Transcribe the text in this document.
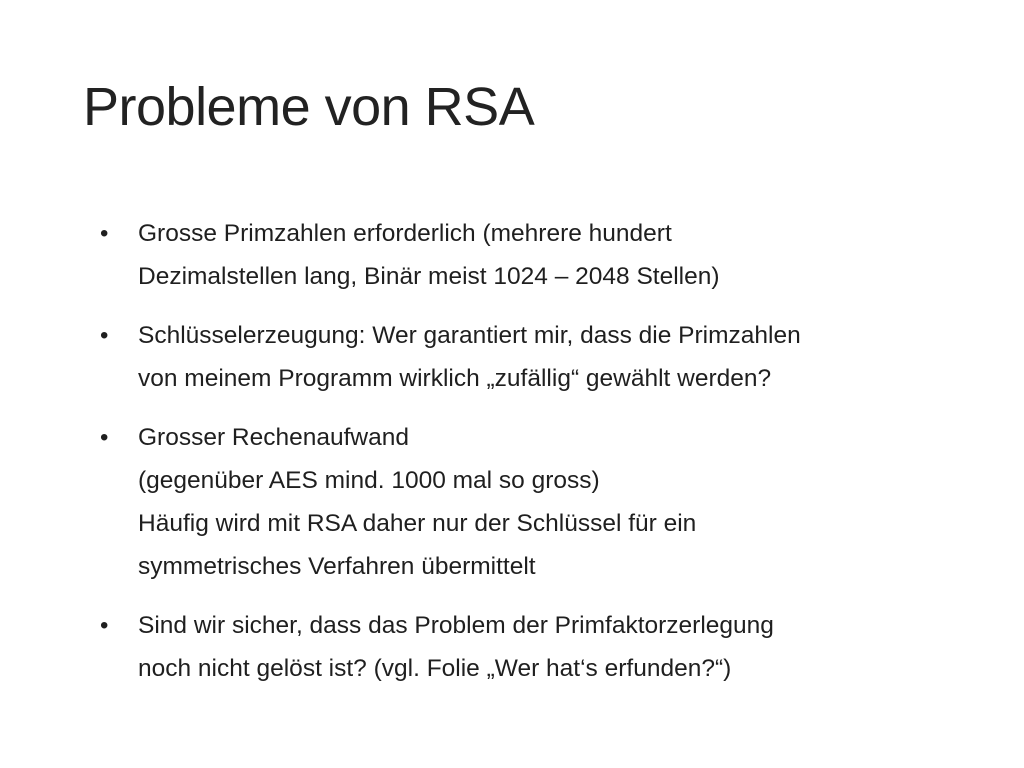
Probleme von RSA
• Grosse Primzahlen erforderlich (mehrere hundert
Dezimalstellen lang, Binär meist 1024 – 2048 Stellen)
• Schlüsselerzeugung: Wer garantiert mir, dass die Primzahlen
von meinem Programm wirklich „zufällig“ gewählt werden?
• Grosser Rechenaufwand
(gegenüber AES mind. 1000 mal so gross)
Häufig wird mit RSA daher nur der Schlüssel für ein
symmetrisches Verfahren übermittelt
• Sind wir sicher, dass das Problem der Primfaktorzerlegung
noch nicht gelöst ist? (vgl. Folie „Wer hat‘s erfunden?“)
